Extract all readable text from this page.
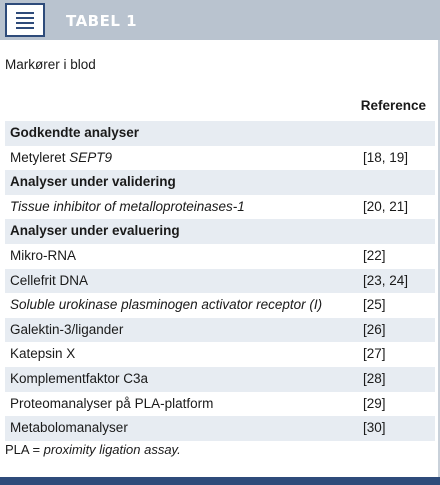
TABEL 1
Markører i blod
Reference
Godkendte analyser
Metyleret SEPT9	[18, 19]
Analyser under validering
Tissue inhibitor of metalloproteinases-1	[20, 21]
Analyser under evaluering
Mikro-RNA	[22]
Cellefrit DNA	[23, 24]
Soluble urokinase plasminogen activator receptor (I)	[25]
Galektin-3/ligander	[26]
Katepsin X	[27]
Komplementfaktor C3a	[28]
Proteomanalyser på PLA-platform	[29]
Metabolomanalyser	[30]
PLA = proximity ligation assay.
